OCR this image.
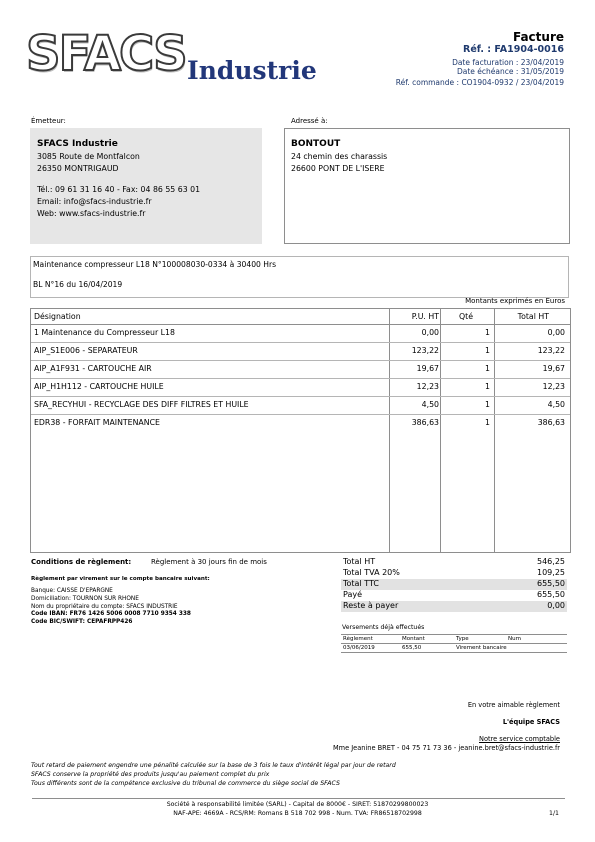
SFACS Industrie
Facture
Réf. : FA1904-0016
Date facturation : 23/04/2019
Date échéance : 31/05/2019
Réf. commande : CO1904-0932 / 23/04/2019
Émetteur:
SFACS Industrie
3085 Route de Montfalcon
26350 MONTRIGAUD
Tél.: 09 61 31 16 40 - Fax: 04 86 55 63 01
Email: info@sfacs-industrie.fr
Web: www.sfacs-industrie.fr
Adressé à:
BONTOUT
24 chemin des charassis
26600 PONT DE L'ISERE
Maintenance compresseur L18 N°100008030-0334 à 30400 Hrs
BL N°16 du 16/04/2019
Montants exprimés en Euros
Désignation	P.U. HT	Qté	Total HT
1 Maintenance du Compresseur L18	0,00	1	0,00
AIP_S1E006 - SEPARATEUR	123,22	1	123,22
AIP_A1F931 - CARTOUCHE AIR	19,67	1	19,67
AIP_H1H112 - CARTOUCHE HUILE	12,23	1	12,23
SFA_RECYHUI - RECYCLAGE DES DIFF FILTRES ET HUILE	4,50	1	4,50
EDR38 - FORFAIT MAINTENANCE	386,63	1	386,63
Conditions de règlement:	Règlement à 30 jours fin de mois
Règlement par virement sur le compte bancaire suivant:
Banque: CAISSE D'EPARGNE
Domiciliation: TOURNON SUR RHONE
Nom du propriétaire du compte: SFACS INDUSTRIE
Code IBAN: FR76 1426 5006 0008 7710 9354 338
Code BIC/SWIFT: CEPAFRPP426
Total HT	546,25
Total TVA 20%	109,25
Total TTC	655,50
Payé	655,50
Reste à payer	0,00
Versements déjà effectués
Règlement	Montant	Type	Num
03/06/2019	655,50	Virement bancaire
En votre aimable règlement
L'équipe SFACS
Notre service comptable
Mme Jeanine BRET - 04 75 71 73 36 - jeanine.bret@sfacs-industrie.fr
Tout retard de paiement engendre une pénalité calculée sur la base de 3 fois le taux d'intérêt légal par jour de retard
SFACS conserve la propriété des produits jusqu'au paiement complet du prix
Tous différents sont de la compétence exclusive du tribunal de commerce du siège social de SFACS
Société à responsabilité limitée (SARL) - Capital de 8000€ - SIRET: 51870299800023
NAF-APE: 4669A - RCS/RM: Romans B 518 702 998 - Num. TVA: FR86518702998	1/1
